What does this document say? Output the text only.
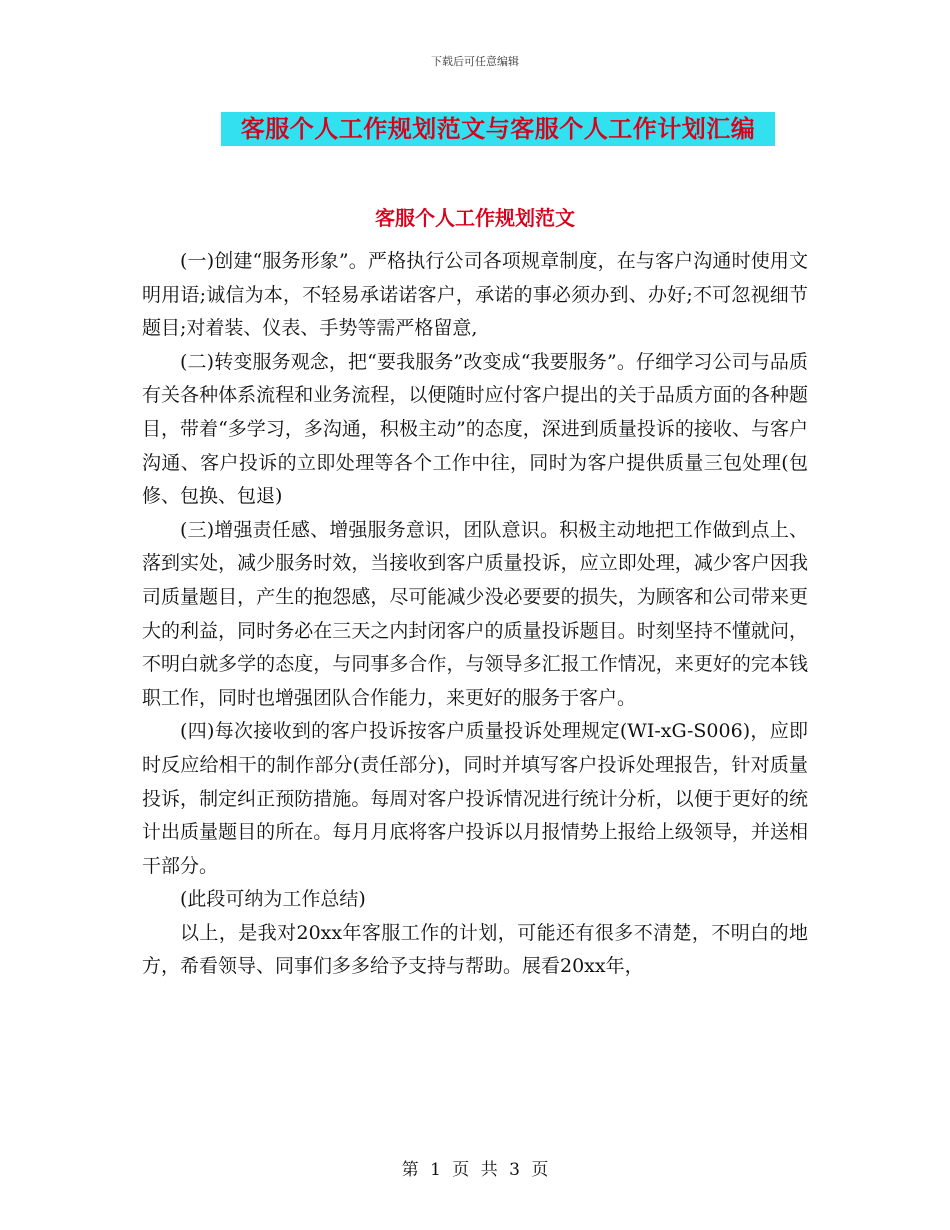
下载后可任意编辑
客服个人工作规划范文与客服个人工作计划汇编
客服个人工作规划范文

(一)创建“服务形象”。严格执行公司各项规章制度，在与客户沟通时使用文明用语;诚信为本，不轻易承诺诺客户，承诺的事必须办到、办好;不可忽视细节题目;对着装、仪表、手势等需严格留意,

(二)转变服务观念，把“要我服务”改变成“我要服务”。仔细学习公司与品质有关各种体系流程和业务流程，以便随时应付客户提出的关于品质方面的各种题目，带着“多学习，多沟通，积极主动”的态度，深进到质量投诉的接收、与客户沟通、客户投诉的立即处理等各个工作中往，同时为客户提供质量三包处理(包修、包换、包退)

(三)增强责任感、增强服务意识，团队意识。积极主动地把工作做到点上、落到实处，减少服务时效，当接收到客户质量投诉，应立即处理，减少客户因我司质量题目，产生的抱怨感，尽可能减少没必要要的损失，为顾客和公司带来更大的利益，同时务必在三天之内封闭客户的质量投诉题目。时刻坚持不懂就问，不明白就多学的态度，与同事多合作，与领导多汇报工作情况，来更好的完本钱职工作，同时也增强团队合作能力，来更好的服务于客户。

(四)每次接收到的客户投诉按客户质量投诉处理规定(WI-xG-S006)，应即时反应给相干的制作部分(责任部分)，同时并填写客户投诉处理报告，针对质量投诉，制定纠正预防措施。每周对客户投诉情况进行统计分析，以便于更好的统计出质量题目的所在。每月月底将客户投诉以月报情势上报给上级领导，并送相干部分。

(此段可纳为工作总结)

以上，是我对20xx年客服工作的计划，可能还有很多不清楚，不明白的地方，希看领导、同事们多多给予支持与帮助。展看20xx年，

第 1 页 共 3 页
